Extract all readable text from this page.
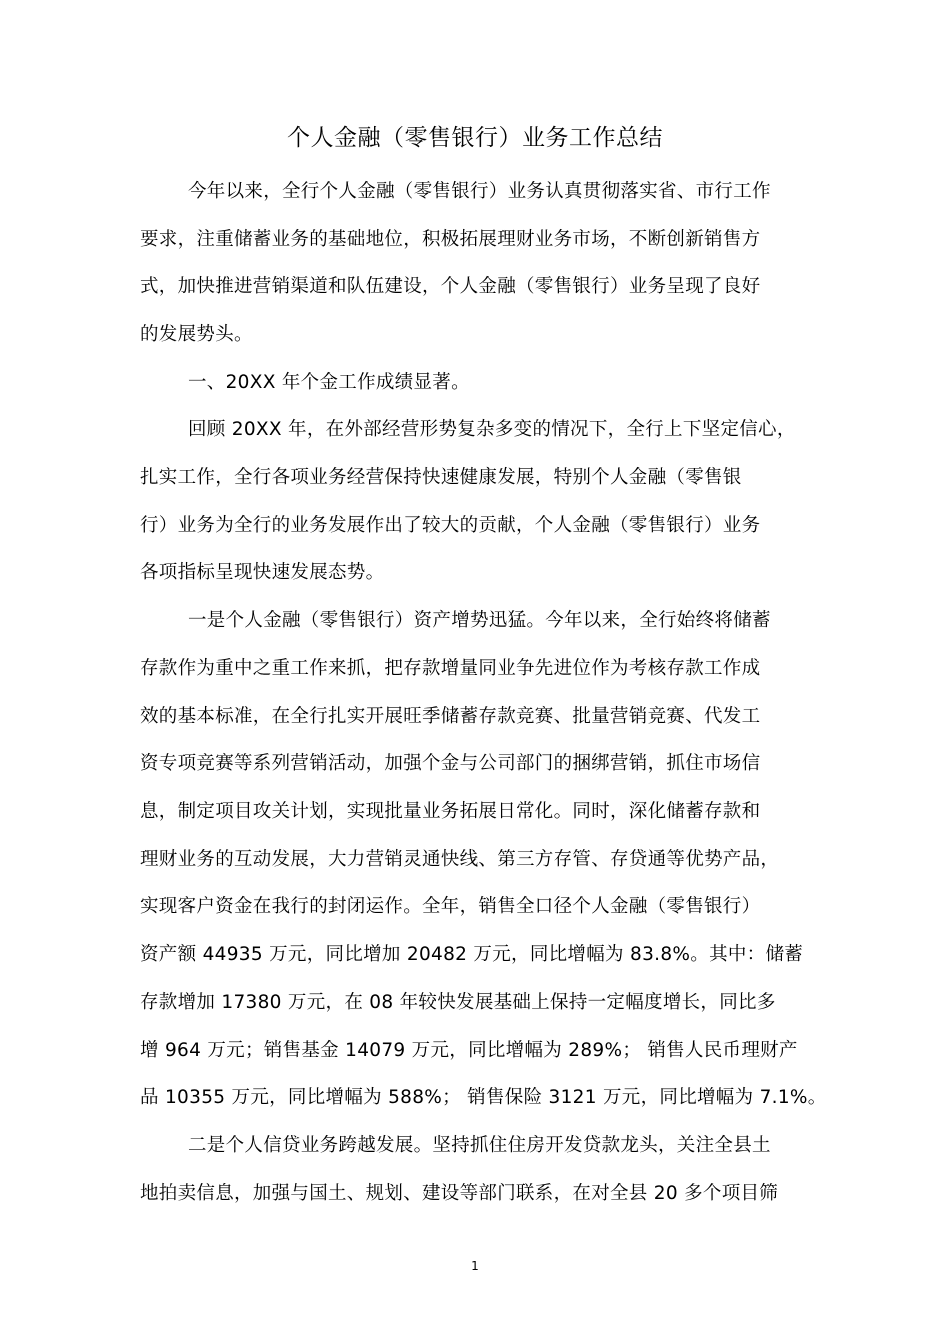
个人金融（零售银行）业务工作总结
今年以来，全行个人金融（零售银行）业务认真贯彻落实省、市行工作
要求，注重储蓄业务的基础地位，积极拓展理财业务市场，不断创新销售方
式，加快推进营销渠道和队伍建设，个人金融（零售银行）业务呈现了良好
的发展势头。
一、20XX 年个金工作成绩显著。
回顾 20XX 年，在外部经营形势复杂多变的情况下，全行上下坚定信心，
扎实工作，全行各项业务经营保持快速健康发展，特别个人金融（零售银
行）业务为全行的业务发展作出了较大的贡献，个人金融（零售银行）业务
各项指标呈现快速发展态势。
一是个人金融（零售银行）资产增势迅猛。今年以来，全行始终将储蓄
存款作为重中之重工作来抓，把存款增量同业争先进位作为考核存款工作成
效的基本标准，在全行扎实开展旺季储蓄存款竞赛、批量营销竞赛、代发工
资专项竞赛等系列营销活动，加强个金与公司部门的捆绑营销，抓住市场信
息，制定项目攻关计划，实现批量业务拓展日常化。同时，深化储蓄存款和
理财业务的互动发展，大力营销灵通快线、第三方存管、存贷通等优势产品，
实现客户资金在我行的封闭运作。全年，销售全口径个人金融（零售银行）
资产额 44935 万元，同比增加 20482 万元，同比增幅为 83.8%。其中：储蓄
存款增加 17380 万元，在 08 年较快发展基础上保持一定幅度增长，同比多
增 964 万元；销售基金 14079 万元，同比增幅为 289%； 销售人民币理财产
品 10355 万元，同比增幅为 588%； 销售保险 3121 万元，同比增幅为 7.1%。
二是个人信贷业务跨越发展。坚持抓住住房开发贷款龙头，关注全县土
地拍卖信息，加强与国土、规划、建设等部门联系，在对全县 20 多个项目筛
1
